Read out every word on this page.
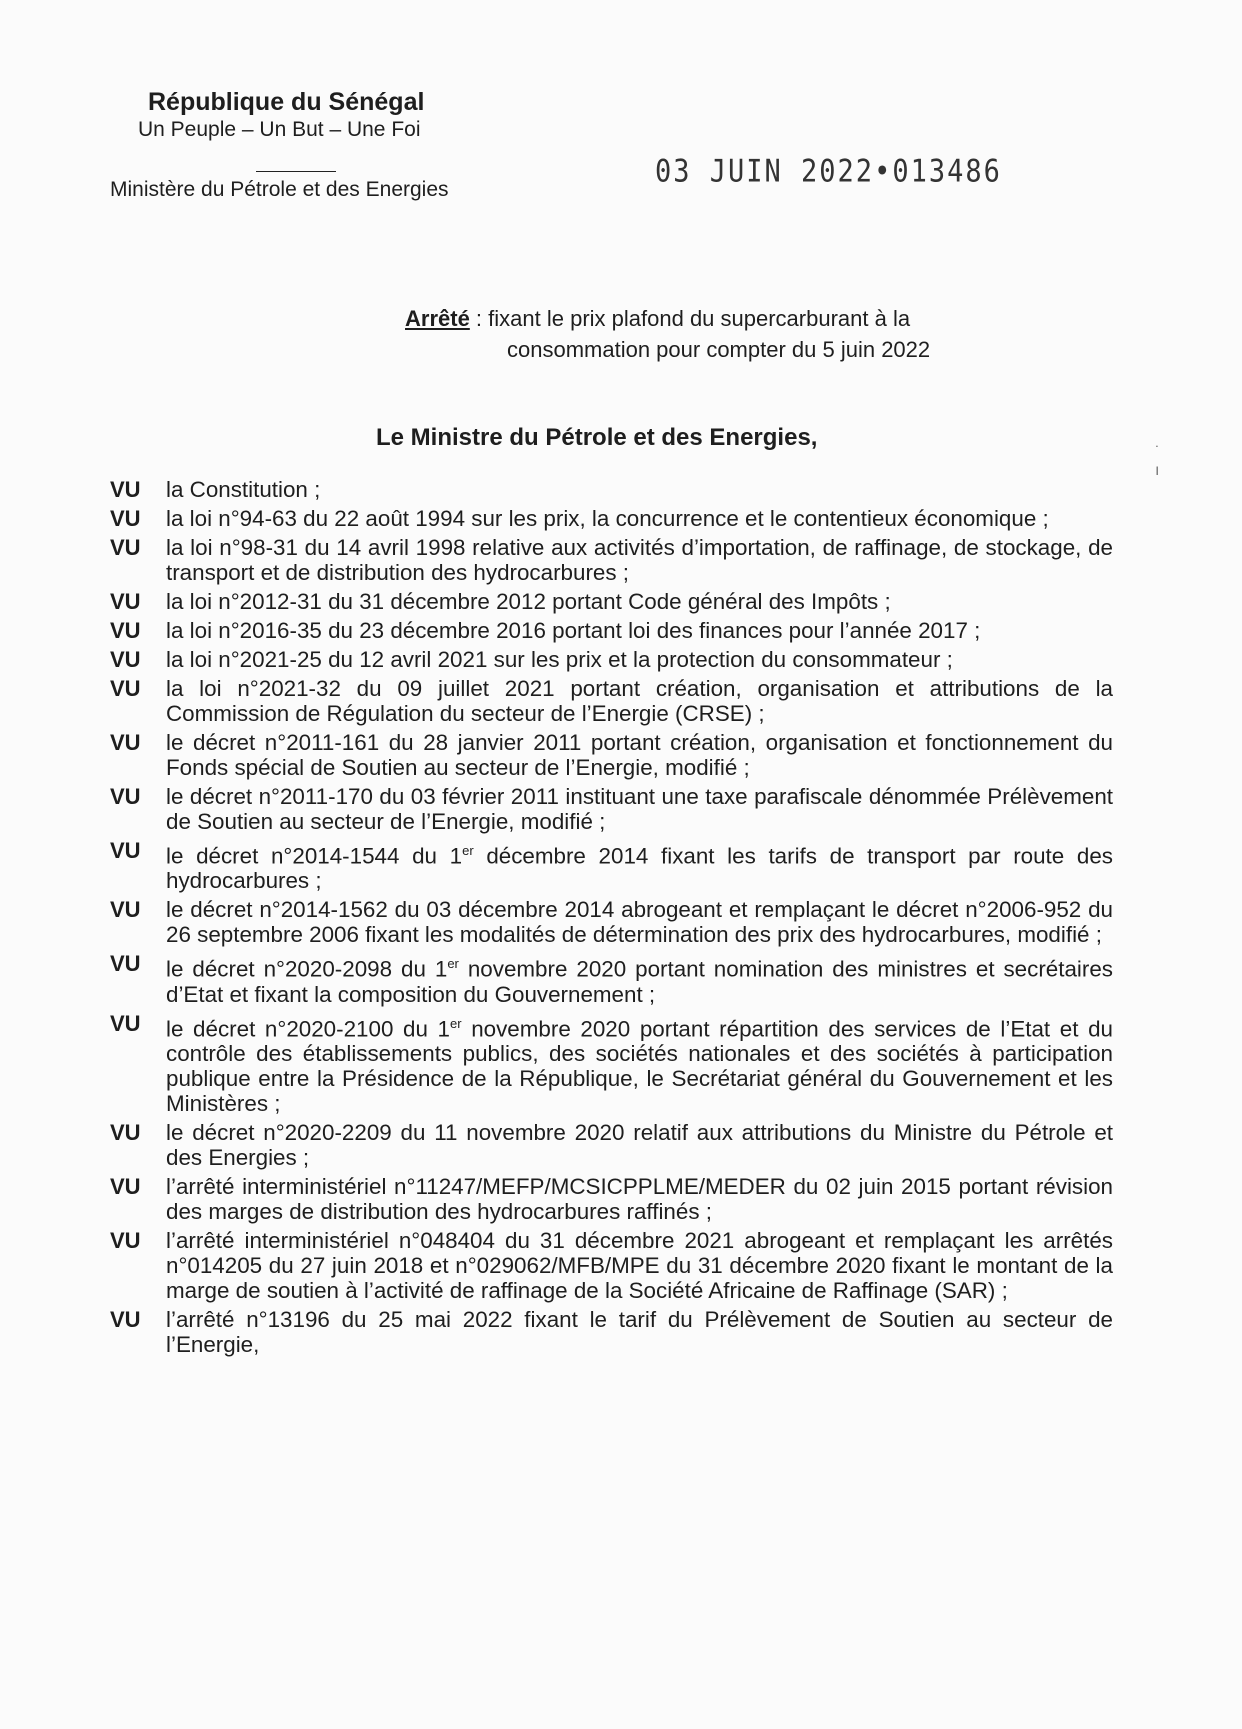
République du Sénégal
Un Peuple – Un But – Une Foi
Ministère du Pétrole et des Energies
03 JUIN 2022•013486
Arrêté : fixant le prix plafond du supercarburant à la
consommation pour compter du 5 juin 2022
Le Ministre du Pétrole et des Energies,
˙
ı
VU	la Constitution ;
VU	la loi n°94-63 du 22 août 1994 sur les prix, la concurrence et le contentieux économique ;
VU	la loi n°98-31 du 14 avril 1998 relative aux activités d’importation, de raffinage, de stockage, de transport et de distribution des hydrocarbures ;
VU	la loi n°2012-31 du 31 décembre 2012 portant Code général des Impôts ;
VU	la loi n°2016-35 du 23 décembre 2016 portant loi des finances pour l’année 2017 ;
VU	la loi n°2021-25 du 12 avril 2021 sur les prix et la protection du consommateur ;
VU	la loi n°2021-32 du 09 juillet 2021 portant création, organisation et attributions de la Commission de Régulation du secteur de l’Energie (CRSE) ;
VU	le décret n°2011-161 du 28 janvier 2011 portant création, organisation et fonctionnement du Fonds spécial de Soutien au secteur de l’Energie, modifié ;
VU	le décret n°2011-170 du 03 février 2011 instituant une taxe parafiscale dénommée Prélèvement de Soutien au secteur de l’Energie, modifié ;
VU	le décret n°2014-1544 du 1er décembre 2014 fixant les tarifs de transport par route des hydrocarbures ;
VU	le décret n°2014-1562 du 03 décembre 2014 abrogeant et remplaçant le décret n°2006-952 du 26 septembre 2006 fixant les modalités de détermination des prix des hydrocarbures, modifié ;
VU	le décret n°2020-2098 du 1er novembre 2020 portant nomination des ministres et secrétaires d’Etat et fixant la composition du Gouvernement ;
VU	le décret n°2020-2100 du 1er novembre 2020 portant répartition des services de l’Etat et du contrôle des établissements publics, des sociétés nationales et des sociétés à participation publique entre la Présidence de la République, le Secrétariat général du Gouvernement et les Ministères ;
VU	le décret n°2020-2209 du 11 novembre 2020 relatif aux attributions du Ministre du Pétrole et des Energies ;
VU	l’arrêté interministériel n°11247/MEFP/MCSICPPLME/MEDER du 02 juin 2015 portant révision des marges de distribution des hydrocarbures raffinés ;
VU	l’arrêté interministériel n°048404 du 31 décembre 2021 abrogeant et remplaçant les arrêtés n°014205 du 27 juin 2018 et n°029062/MFB/MPE du 31 décembre 2020 fixant le montant de la marge de soutien à l’activité de raffinage de la Société Africaine de Raffinage (SAR) ;
VU	l’arrêté n°13196 du 25 mai 2022 fixant le tarif du Prélèvement de Soutien au secteur de l’Energie,
